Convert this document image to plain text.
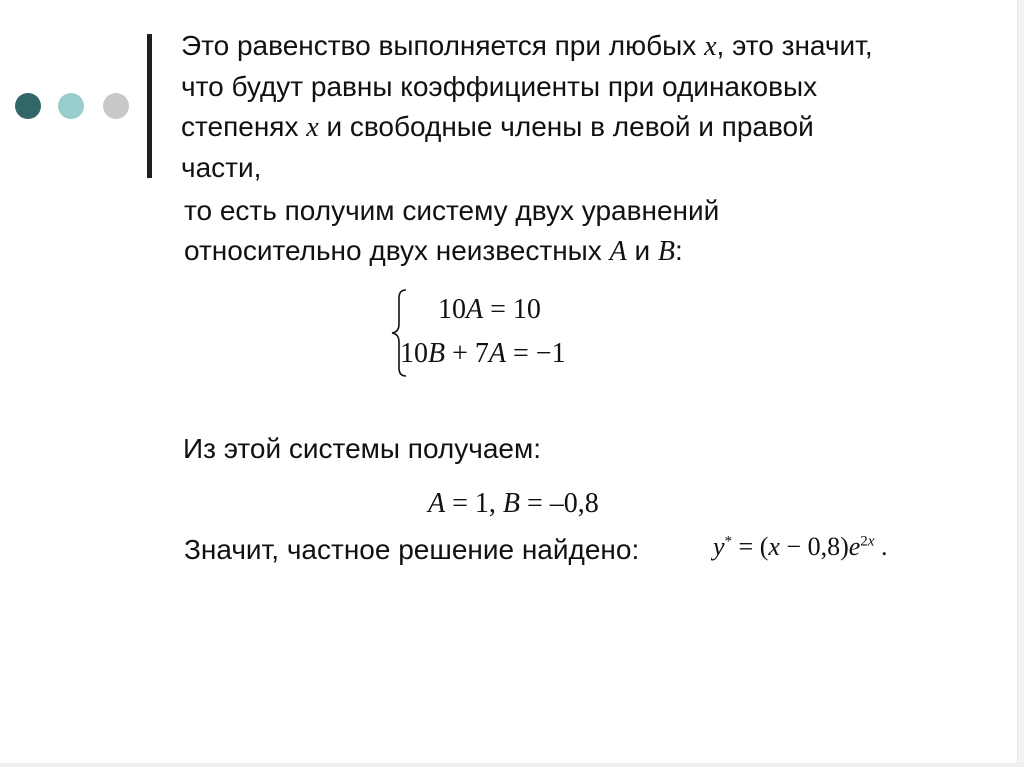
Это равенство выполняется при любых x, это значит,
что будут равны коэффициенты при одинаковых
степенях x и свободные члены в левой и правой
части,

то есть получим систему двух уравнений
относительно двух неизвестных A и B:

10A = 10

10B + 7A = −1

Из этой системы получаем:

A = 1, B = –0,8

Значит, частное решение найдено:	$y^* = (x - 0,8)e^{2x}$ .
